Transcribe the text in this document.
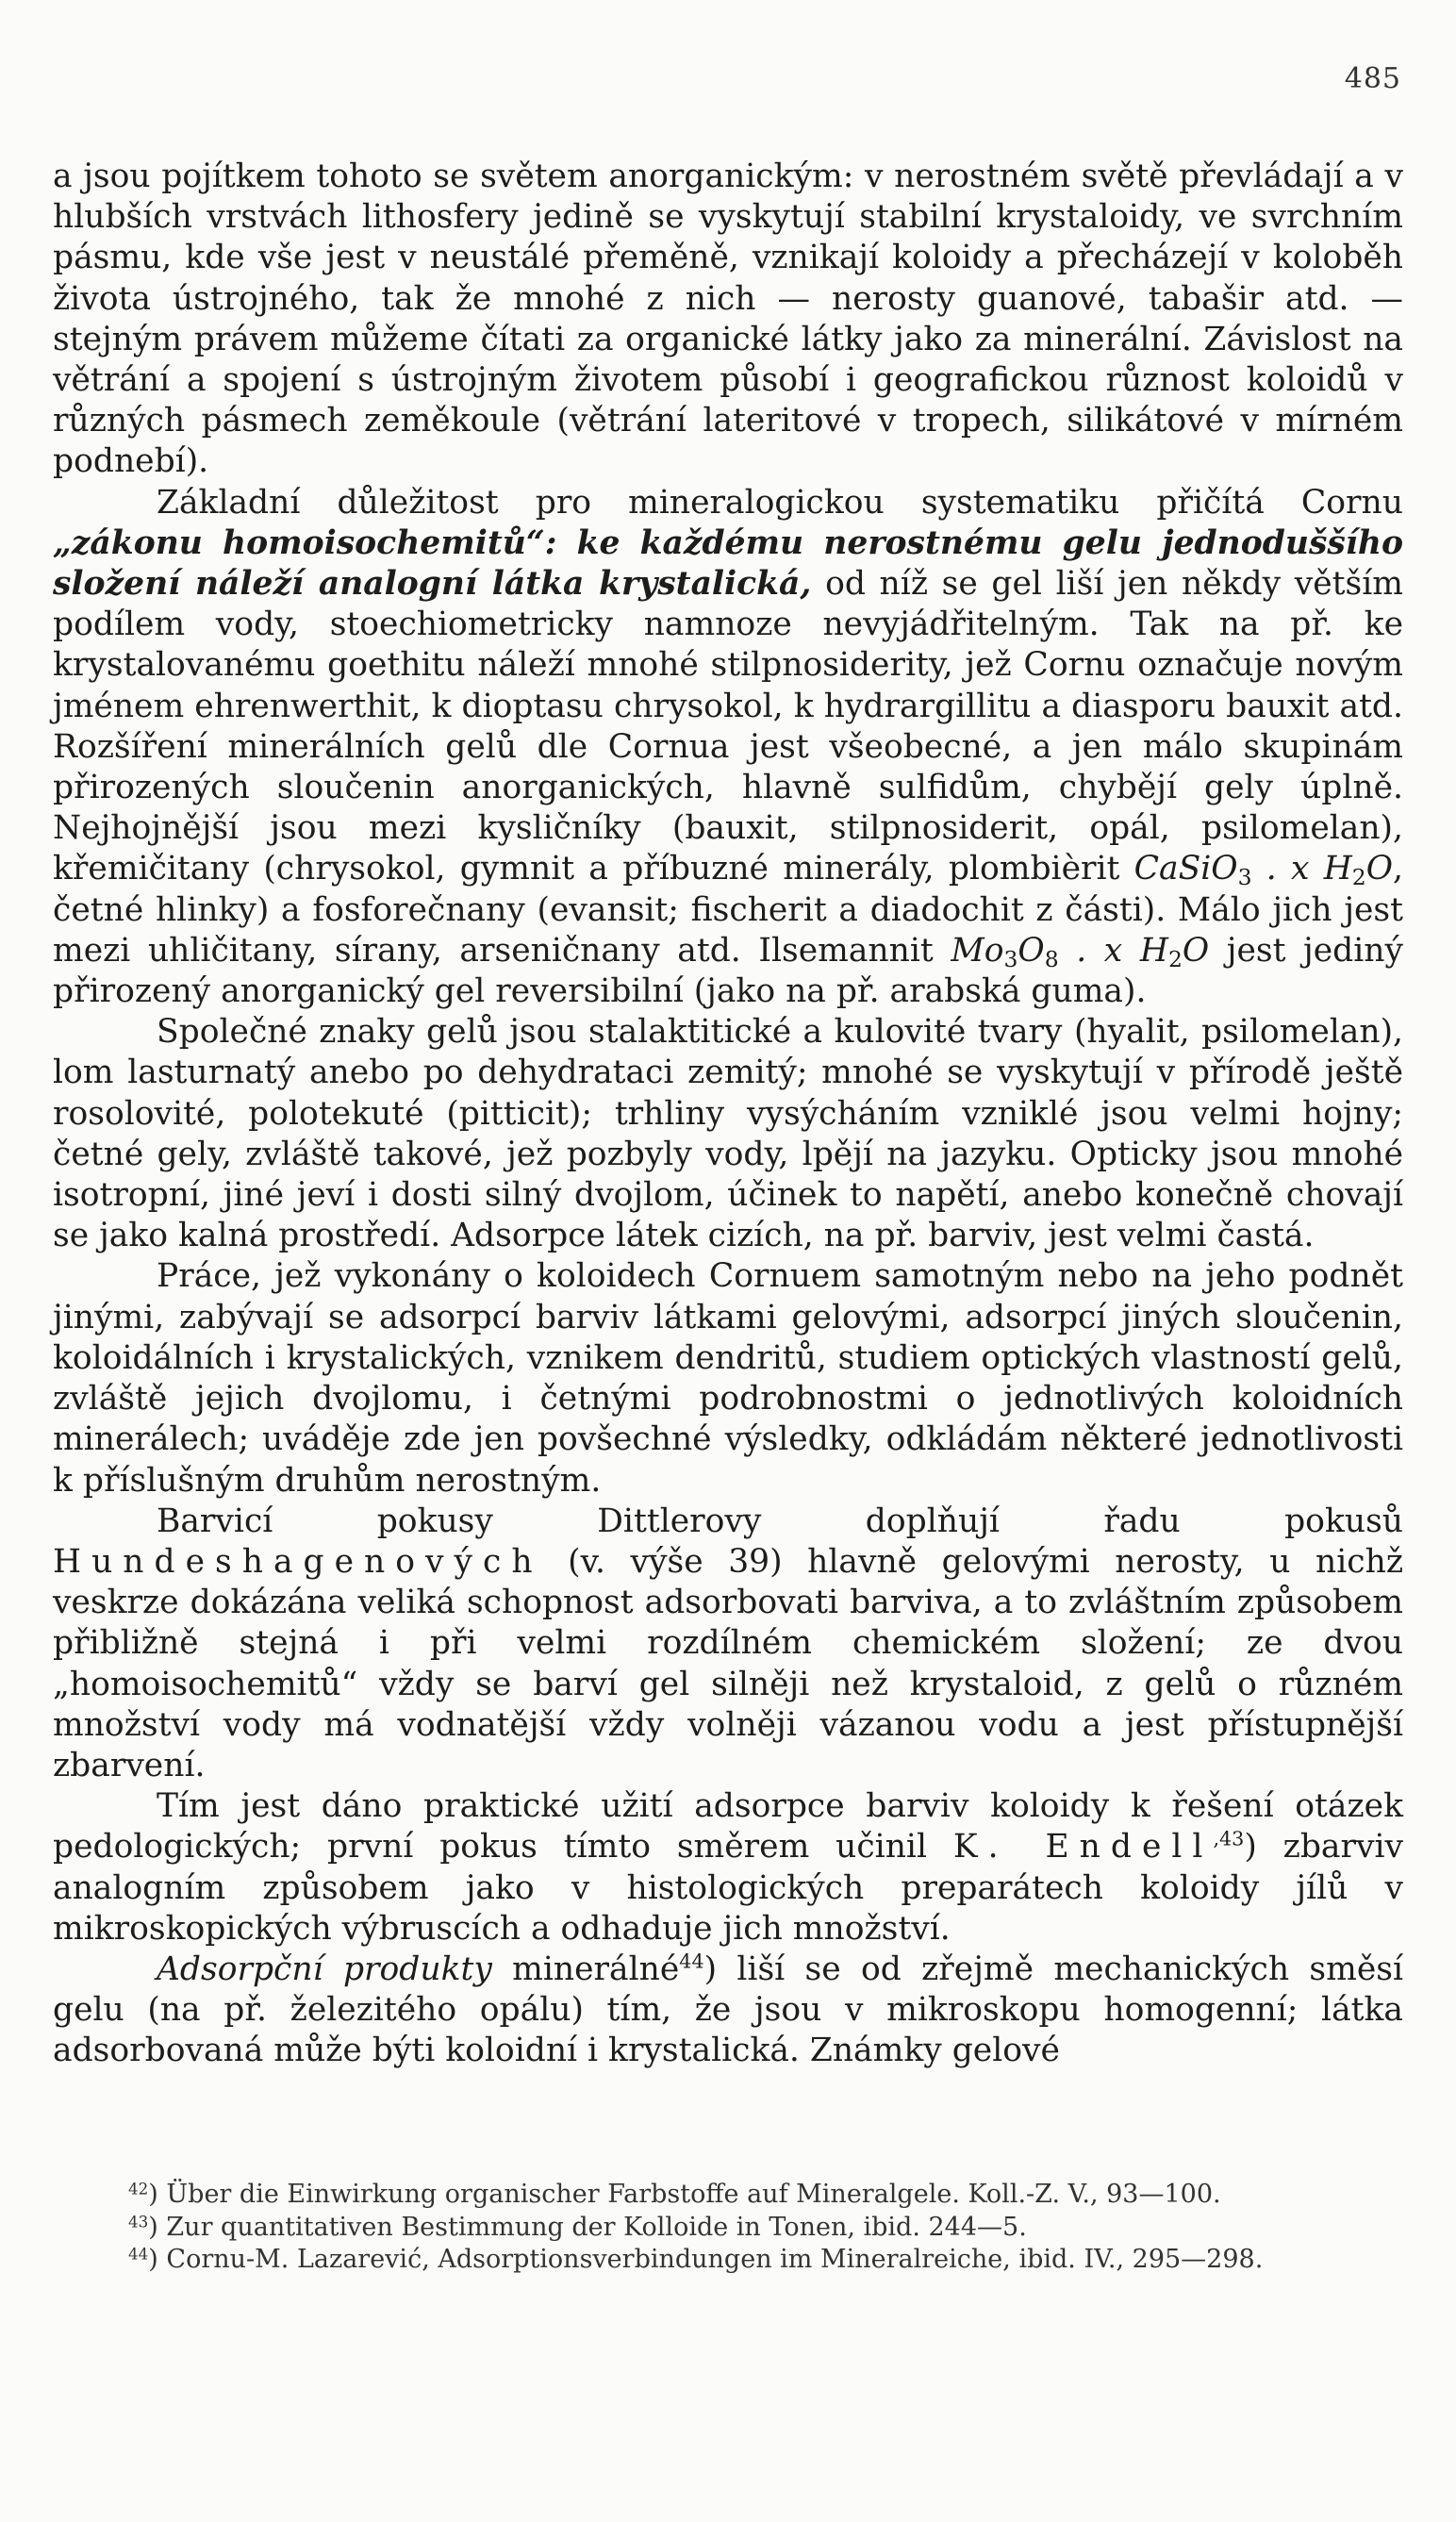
485

a jsou pojítkem tohoto se světem anorganickým: v nerostném světě převládají a v hlubších vrstvách lithosfery jedině se vyskytují stabilní krystaloidy, ve svrchním pásmu, kde vše jest v neustálé přeměně, vznikají koloidy a přecházejí v koloběh života ústrojného, tak že mnohé z nich — nerosty guanové, tabašir atd. — stejným právem můžeme čítati za organické látky jako za minerální. Závislost na větrání a spojení s ústrojným životem působí i geografickou různost koloidů v různých pásmech zeměkoule (větrání lateritové v tropech, silikátové v mírném podnebí).

Základní důležitost pro mineralogickou systematiku přičítá Cornu „zákonu homoisochemitů“: ke každému nerostnému gelu jednoduššího složení náleží analogní látka krystalická, od níž se gel liší jen někdy větším podílem vody, stoechiometricky namnoze nevyjádřitelným. Tak na př. ke krystalovanému goethitu náleží mnohé stilpnosiderity, jež Cornu označuje novým jménem ehrenwerthit, k dioptasu chrysokol, k hydrargillitu a diasporu bauxit atd. Rozšíření minerálních gelů dle Cornua jest všeobecné, a jen málo skupinám přirozených sloučenin anorganických, hlavně sulfidům, chybějí gely úplně. Nejhojnější jsou mezi kysličníky (bauxit, stilpnosiderit, opál, psilomelan), křemičitany (chrysokol, gymnit a příbuzné minerály, plombièrit CaSiO$_3$ . x $H_2O$, četné hlinky) a fosforečnany (evansit; fischerit a diadochit z části). Málo jich jest mezi uhličitany, sírany, arseničnany atd. Ilsemannit $Mo_3O_8$ . x $H_2O$ jest jediný přirozený anorganický gel reversibilní (jako na př. arabská guma).

Společné znaky gelů jsou stalaktitické a kulovité tvary (hyalit, psilomelan), lom lasturnatý anebo po dehydrataci zemitý; mnohé se vyskytují v přírodě ještě rosolovité, polotekuté (pitticit); trhliny vysýcháním vzniklé jsou velmi hojny; četné gely, zvláště takové, jež pozbyly vody, lpějí na jazyku. Opticky jsou mnohé isotropní, jiné jeví i dosti silný dvojlom, účinek to napětí, anebo konečně chovají se jako kalná prostředí. Adsorpce látek cizích, na př. barviv, jest velmi častá.

Práce, jež vykonány o koloidech Cornuem samotným nebo na jeho podnět jinými, zabývají se adsorpcí barviv látkami gelovými, adsorpcí jiných sloučenin, koloidálních i krystalických, vznikem dendritů, studiem optických vlastností gelů, zvláště jejich dvojlomu, i četnými podrobnostmi o jednotlivých koloidních minerálech; uváděje zde jen povšechné výsledky, odkládám některé jednotlivosti k příslušným druhům nerostným.

Barvicí pokusy Dittlerovy doplňují řadu pokusů Hundeshagenových (v. výše 39) hlavně gelovými nerosty, u nichž veskrze dokázána veliká schopnost adsorbovati barviva, a to zvláštním způsobem přibližně stejná i při velmi rozdílném chemickém složení; ze dvou „homoisochemitů“ vždy se barví gel silněji než krystaloid, z gelů o různém množství vody má vodnatější vždy volněji vázanou vodu a jest přístupnější zbarvení.

Tím jest dáno praktické užití adsorpce barviv koloidy k řešení otázek pedologických; první pokus tímto směrem učinil K. Endell$^{,43}$) zbarviv analogním způsobem jako v histologických preparátech koloidy jílů v mikroskopických výbruscích a odhaduje jich množství.

Adsorpční produkty minerálné$^{44}$) liší se od zřejmě mechanických směsí gelu (na př. železitého opálu) tím, že jsou v mikroskopu homogenní; látka adsorbovaná může býti koloidní i krystalická. Známky gelové

$^{42}$) Über die Einwirkung organischer Farbstoffe auf Mineralgele. Koll.-Z. V., 93—100.

$^{43}$) Zur quantitativen Bestimmung der Kolloide in Tonen, ibid. 244—5.

$^{44}$) Cornu-M. Lazarević, Adsorptionsverbindungen im Mineralreiche, ibid. IV., 295—298.
